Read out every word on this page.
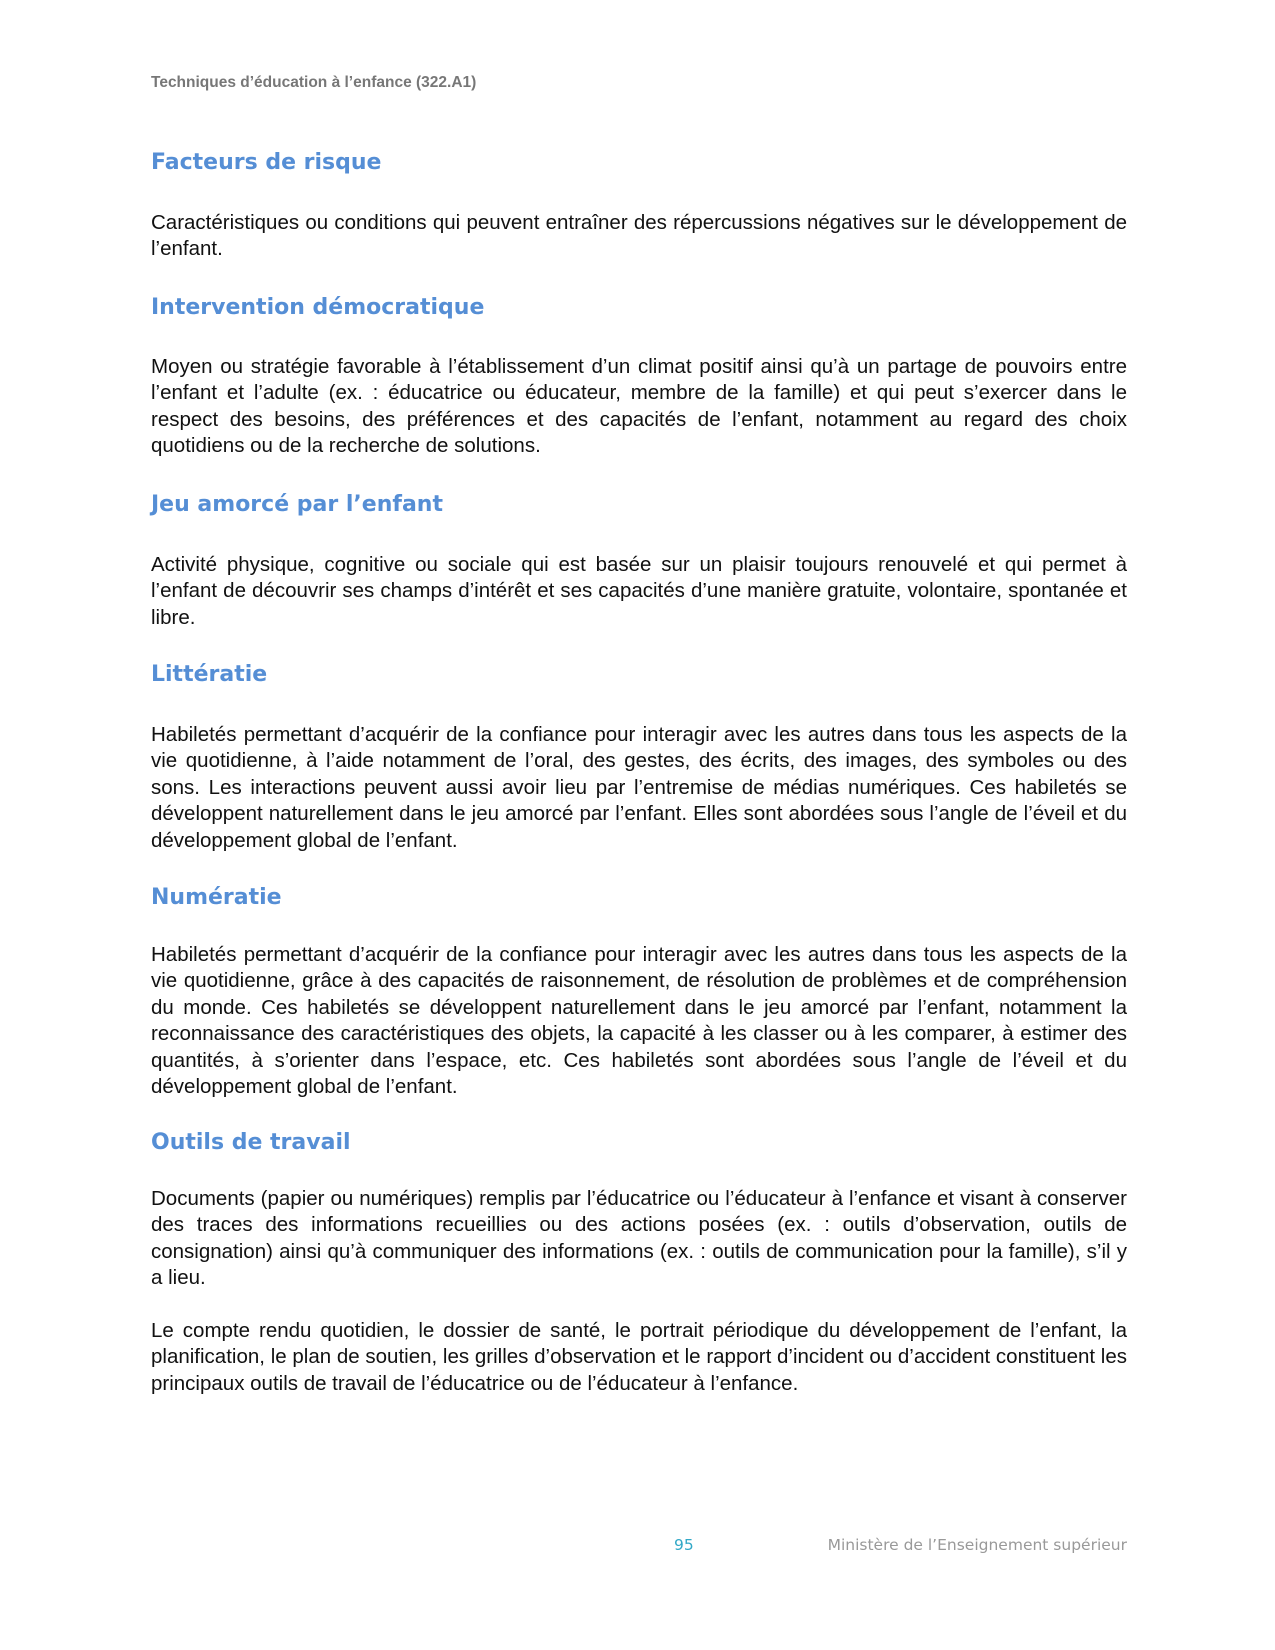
Techniques d’éducation à l’enfance (322.A1)
Facteurs de risque

Caractéristiques ou conditions qui peuvent entraîner des répercussions négatives sur le développement de l’enfant.

Intervention démocratique

Moyen ou stratégie favorable à l’établissement d’un climat positif ainsi qu’à un partage de pouvoirs entre l’enfant et l’adulte (ex. : éducatrice ou éducateur, membre de la famille) et qui peut s’exercer dans le respect des besoins, des préférences et des capacités de l’enfant, notamment au regard des choix quotidiens ou de la recherche de solutions.

Jeu amorcé par l’enfant

Activité physique, cognitive ou sociale qui est basée sur un plaisir toujours renouvelé et qui permet à l’enfant de découvrir ses champs d’intérêt et ses capacités d’une manière gratuite, volontaire, spontanée et libre.

Littératie

Habiletés permettant d’acquérir de la confiance pour interagir avec les autres dans tous les aspects de la vie quotidienne, à l’aide notamment de l’oral, des gestes, des écrits, des images, des symboles ou des sons. Les interactions peuvent aussi avoir lieu par l’entremise de médias numériques. Ces habiletés se développent naturellement dans le jeu amorcé par l’enfant. Elles sont abordées sous l’angle de l’éveil et du développement global de l’enfant.

Numératie

Habiletés permettant d’acquérir de la confiance pour interagir avec les autres dans tous les aspects de la vie quotidienne, grâce à des capacités de raisonnement, de résolution de problèmes et de compréhension du monde. Ces habiletés se développent naturellement dans le jeu amorcé par l’enfant, notamment la reconnaissance des caractéristiques des objets, la capacité à les classer ou à les comparer, à estimer des quantités, à s’orienter dans l’espace, etc. Ces habiletés sont abordées sous l’angle de l’éveil et du développement global de l’enfant.

Outils de travail

Documents (papier ou numériques) remplis par l’éducatrice ou l’éducateur à l’enfance et visant à conserver des traces des informations recueillies ou des actions posées (ex. : outils d’observation, outils de consignation) ainsi qu’à communiquer des informations (ex. : outils de communication pour la famille), s’il y a lieu.

Le compte rendu quotidien, le dossier de santé, le portrait périodique du développement de l’enfant, la planification, le plan de soutien, les grilles d’observation et le rapport d’incident ou d’accident constituent les principaux outils de travail de l’éducatrice ou de l’éducateur à l’enfance.

95	Ministère de l’Enseignement supérieur
